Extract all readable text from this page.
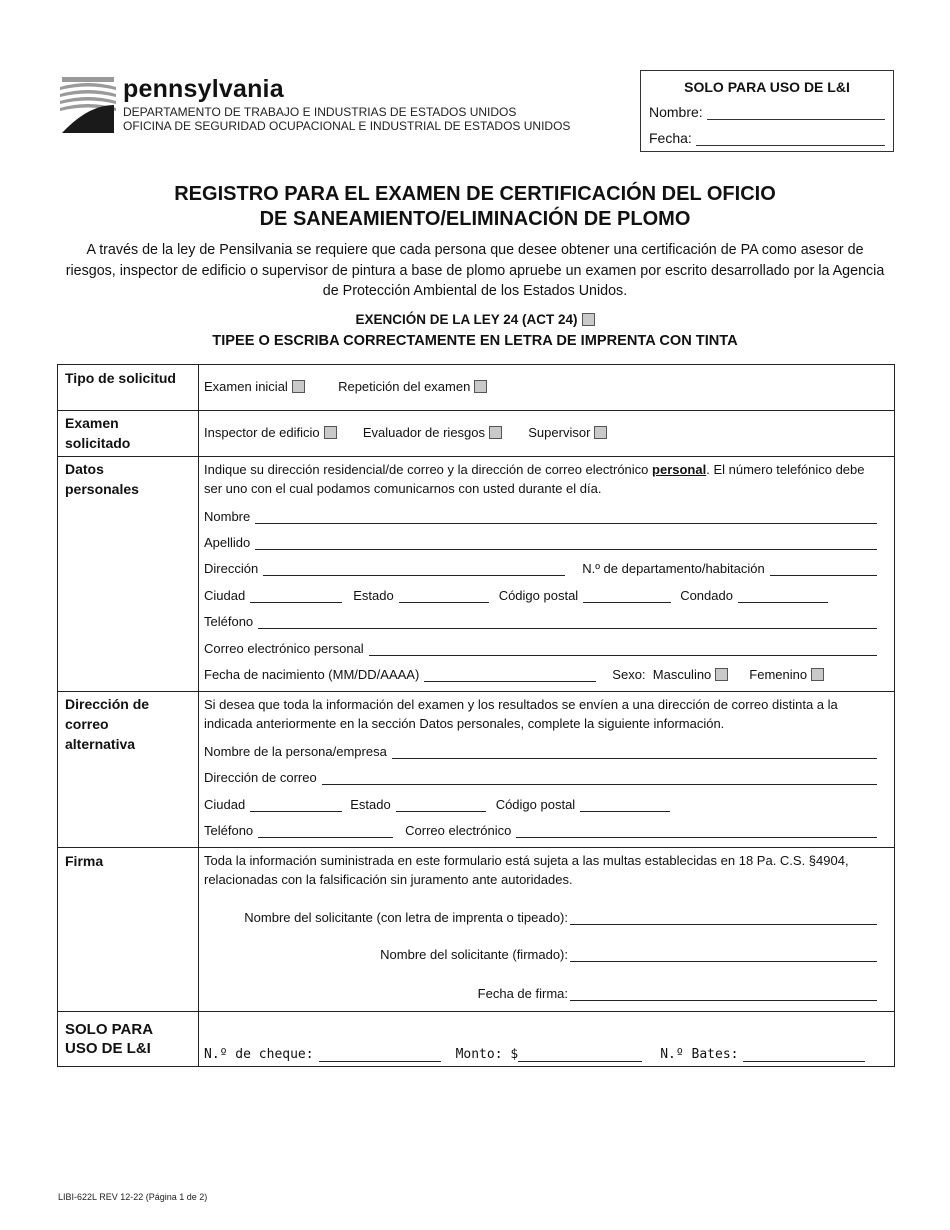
pennsylvania
DEPARTAMENTO DE TRABAJO E INDUSTRIAS DE ESTADOS UNIDOS
OFICINA DE SEGURIDAD OCUPACIONAL E INDUSTRIAL DE ESTADOS UNIDOS
SOLO PARA USO DE L&I
Nombre:
Fecha:
REGISTRO PARA EL EXAMEN DE CERTIFICACIÓN DEL OFICIO
DE SANEAMIENTO/ELIMINACIÓN DE PLOMO
A través de la ley de Pensilvania se requiere que cada persona que desee obtener una certificación de PA como asesor de riesgos, inspector de edificio o supervisor de pintura a base de plomo apruebe un examen por escrito desarrollado por la Agencia de Protección Ambiental de los Estados Unidos.
EXENCIÓN DE LA LEY 24 (ACT 24)
TIPEE O ESCRIBA CORRECTAMENTE EN LETRA DE IMPRENTA CON TINTA
Tipo de solicitud
Examen inicial	Repetición del examen
Examen solicitado
Inspector de edificio	Evaluador de riesgos	Supervisor
Datos personales
Indique su dirección residencial/de correo y la dirección de correo electrónico personal. El número telefónico debe ser uno con el cual podamos comunicarnos con usted durante el día.
Nombre
Apellido
Dirección	N.º de departamento/habitación
Ciudad	Estado	Código postal	Condado
Teléfono
Correo electrónico personal
Fecha de nacimiento (MM/DD/AAAA)	Sexo:  Masculino	Femenino
Dirección de correo alternativa
Si desea que toda la información del examen y los resultados se envíen a una dirección de correo distinta a la indicada anteriormente en la sección Datos personales, complete la siguiente información.
Nombre de la persona/empresa
Dirección de correo
Ciudad	Estado	Código postal
Teléfono	Correo electrónico
Firma	Toda la información suministrada en este formulario está sujeta a las multas establecidas en 18 Pa. C.S. §4904, relacionadas con la falsificación sin juramento ante autoridades.
Nombre del solicitante (con letra de imprenta o tipeado):
Nombre del solicitante (firmado):
Fecha de firma:
SOLO PARA USO DE L&I	N.º de cheque:	Monto: $	N.º Bates:
LIBI-622L REV 12-22 (Página 1 de 2)
